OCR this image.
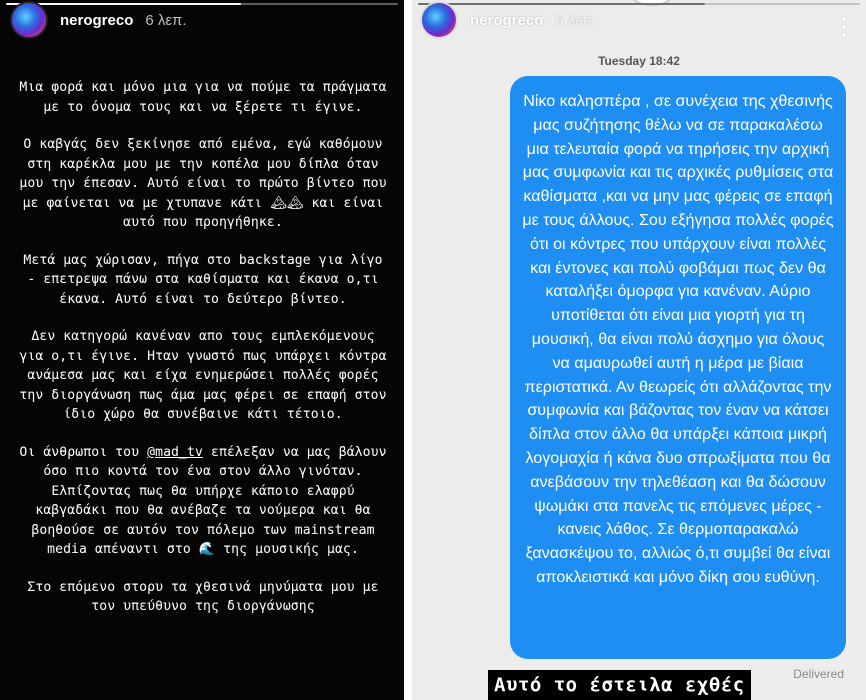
nerogreco 6 λεπ.

Μια φορά και μόνο μια για να πούμε τα πράγματα με το όνομα τους και να ξέρετε τι έγινε.

Ο καβγάς δεν ξεκίνησε από εμένα, εγώ καθόμουν στη καρέκλα μου με την κοπέλα μου δίπλα όταν μου την έπεσαν. Αυτό είναι το πρώτο βίντεο που με φαίνεται να με χτυπανε κάτι 🏔🏔 και είναι αυτό που προηγήθηκε.

Μετά μας χώρισαν, πήγα στο backstage για λίγο - επετρεψα πάνω στα καθίσματα και έκανα ο,τι έκανα. Αυτό είναι το δεύτερο βίντεο.

Δεν κατηγορώ κανέναν απο τους εμπλεκόμενους για ο,τι έγινε. Ηταν γνωστό πως υπάρχει κόντρα ανάμεσα μας και είχα ενημερώσει πολλές φορές την διοργάνωση πως άμα μας φέρει σε επαφή στον ίδιο χώρο θα συνέβαινε κάτι τέτοιο.

Οι άνθρωποι του @mad_tv επέλεξαν να μας βάλουν όσο πιο κοντά τον ένα στον άλλο γινόταν. Ελπίζοντας πως θα υπήρχε κάποιο ελαφρύ καβγαδάκι που θα ανέβαζε τα νούμερα και θα βοηθούσε σε αυτόν τον πόλεμο των mainstream media απέναντι στο 🌊 της μουσικής μας.

Στο επόμενο στορυ τα χθεσινά μηνύματα μου με τον υπεύθυνο της διοργάνωσης

nerogreco 5 λεπ.
Tuesday 18:42

Νίκο καλησπέρα , σε συνέχεια της χθεσινής μας συζήτησης θέλω να σε παρακαλέσω μια τελευταία φορά να τηρήσεις την αρχική μας συμφωνία και τις αρχικές ρυθμίσεις στα καθίσματα ,και να μην μας φέρεις σε επαφή με τους άλλους. Σου εξήγησα πολλές φορές ότι οι κόντρες που υπάρχουν είναι πολλές και έντονες και πολύ φοβάμαι πως δεν θα καταλήξει όμορφα για κανέναν. Αύριο υποτίθεται ότι είναι μια γιορτή για τη μουσική, θα είναι πολύ άσχημο για όλους να αμαυρωθεί αυτή η μέρα με βίαια περιστατικά. Αν θεωρείς ότι αλλάζοντας την συμφωνία και βάζοντας τον έναν να κάτσει δίπλα στον άλλο θα υπάρξει κάποια μικρή λογομαχία ή κάνα δυο σπρωξίματα που θα ανεβάσουν την τηλεθέαση και θα δώσουν ψωμάκι στα πανελς τις επόμενες μέρες - κανεις λάθος. Σε θερμοπαρακαλώ ξανασκέψου το, αλλιώς ό,τι συμβεί θα είναι αποκλειστικά και μόνο δίκη σου ευθύνη.

Delivered
Αυτό το έστειλα εχθές
